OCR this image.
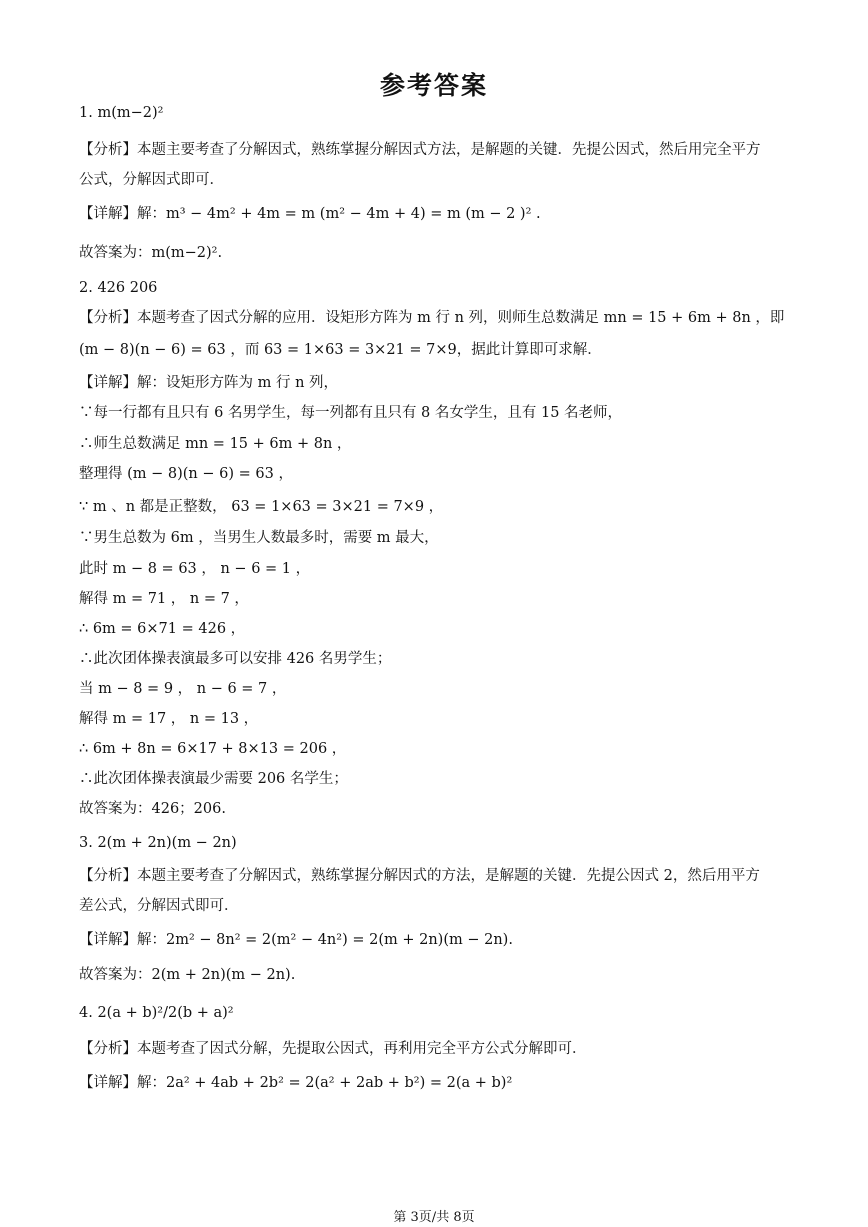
参考答案
1. m(m−2)²
【分析】本题主要考查了分解因式，熟练掌握分解因式方法，是解题的关键．先提公因式，然后用完全平方
公式，分解因式即可．
【详解】解：m³ − 4m² + 4m = m (m² − 4m + 4) = m (m − 2 )² .
故答案为：m(m−2)².
2. 426 206
【分析】本题考查了因式分解的应用．设矩形方阵为 m 行 n 列，则师生总数满足 mn = 15 + 6m + 8n ，即
(m − 8)(n − 6) = 63 ，而 63 = 1×63 = 3×21 = 7×9，据此计算即可求解．
【详解】解：设矩形方阵为 m 行 n 列，
∵每一行都有且只有 6 名男学生，每一列都有且只有 8 名女学生，且有 15 名老师，
∴师生总数满足 mn = 15 + 6m + 8n ，
整理得 (m − 8)(n − 6) = 63 ，
∵ m 、n 都是正整数， 63 = 1×63 = 3×21 = 7×9 ，
∵男生总数为 6m ，当男生人数最多时，需要 m 最大，
此时 m − 8 = 63 ， n − 6 = 1 ，
解得 m = 71 ， n = 7 ，
∴ 6m = 6×71 = 426 ，
∴此次团体操表演最多可以安排 426 名男学生；
当 m − 8 = 9 ， n − 6 = 7 ，
解得 m = 17 ， n = 13 ，
∴ 6m + 8n = 6×17 + 8×13 = 206 ，
∴此次团体操表演最少需要 206 名学生；
故答案为：426；206.
3. 2(m + 2n)(m − 2n)
【分析】本题主要考查了分解因式，熟练掌握分解因式的方法，是解题的关键．先提公因式 2，然后用平方
差公式，分解因式即可．
【详解】解：2m² − 8n² = 2(m² − 4n²) = 2(m + 2n)(m − 2n).
故答案为：2(m + 2n)(m − 2n).
4. 2(a + b)²/2(b + a)²
【分析】本题考查了因式分解，先提取公因式，再利用完全平方公式分解即可．
【详解】解：2a² + 4ab + 2b² = 2(a² + 2ab + b²) = 2(a + b)²
第 3页/共 8页
